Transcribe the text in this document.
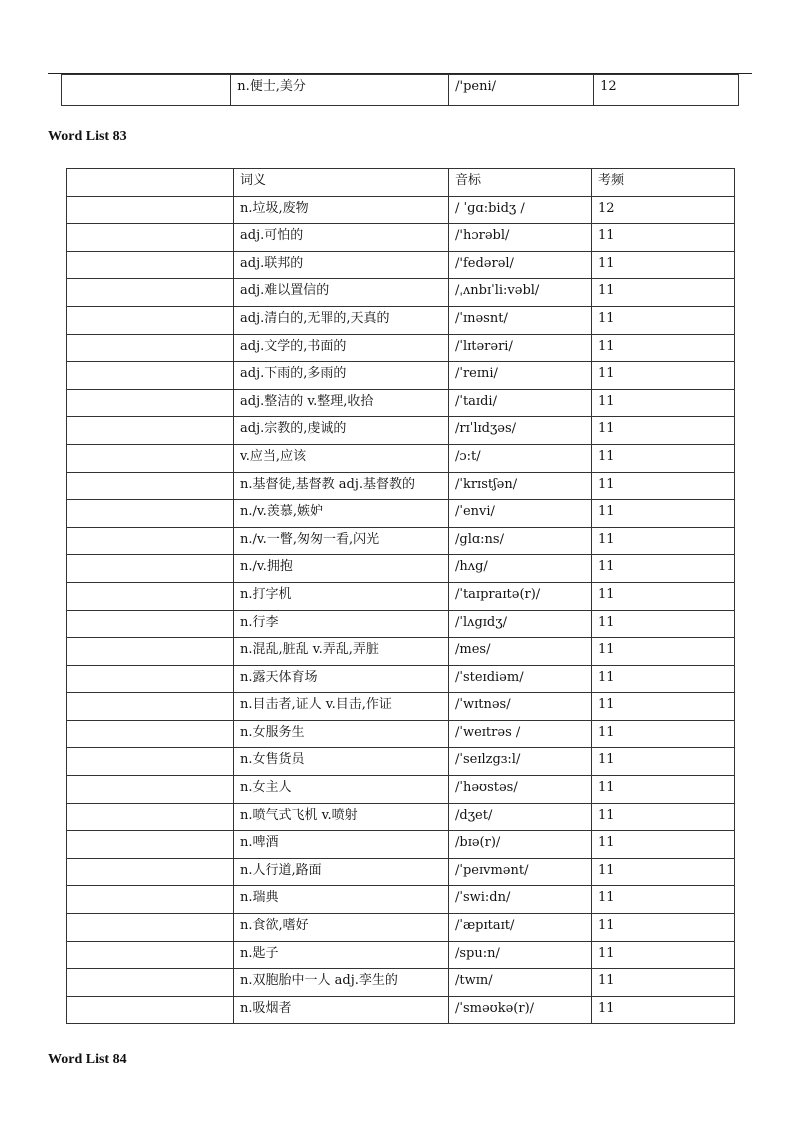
	n.便士,美分	/'peni/	12
Word List 83
	词义	音标	考频
	n.垃圾,废物	/ ˈɡɑ:bidʒ /	12
	adj.可怕的	/'hɔrəbl/	11
	adj.联邦的	/'fedərəl/	11
	adj.难以置信的	/ˌʌnbɪˈli:vəbl/	11
	adj.清白的,无罪的,天真的	/ˈɪnəsnt/	11
	adj.文学的,书面的	/ˈlɪtərəri/	11
	adj.下雨的,多雨的	/ˈreɪni/	11
	adj.整洁的 v.整理,收拾	/ˈtaɪdi/	11
	adj.宗教的,虔诚的	/rɪˈlɪdʒəs/	11
	v.应当,应该	/ɔ:t/	11
	n.基督徒,基督教 adj.基督教的	/ˈkrɪstʃən/	11
	n./v.羡慕,嫉妒	/ˈenvi/	11
	n./v.一瞥,匆匆一看,闪光	/glɑ:ns/	11
	n./v.拥抱	/hʌg/	11
	n.打字机	/ˈtaɪpraɪtə(r)/	11
	n.行李	/ˈlʌgɪdʒ/	11
	n.混乱,脏乱 v.弄乱,弄脏	/mes/	11
	n.露天体育场	/ˈsteɪdiəm/	11
	n.目击者,证人 v.目击,作证	/ˈwɪtnəs/	11
	n.女服务生	/ˈweɪtrəs /	11
	n.女售货员	/ˈseɪlzgɜ:l/	11
	n.女主人	/ˈhəʊstəs/	11
	n.喷气式飞机 v.喷射	/dʒet/	11
	n.啤酒	/bɪə(r)/	11
	n.人行道,路面	/ˈpeɪvmənt/	11
	n.瑞典	/ˈswi:dn/	11
	n.食欲,嗜好	/ˈæpɪtaɪt/	11
	n.匙子	/spu:n/	11
	n.双胞胎中一人 adj.孪生的	/twɪn/	11
	n.吸烟者	/ˈsməʊkə(r)/	11
Word List 84
